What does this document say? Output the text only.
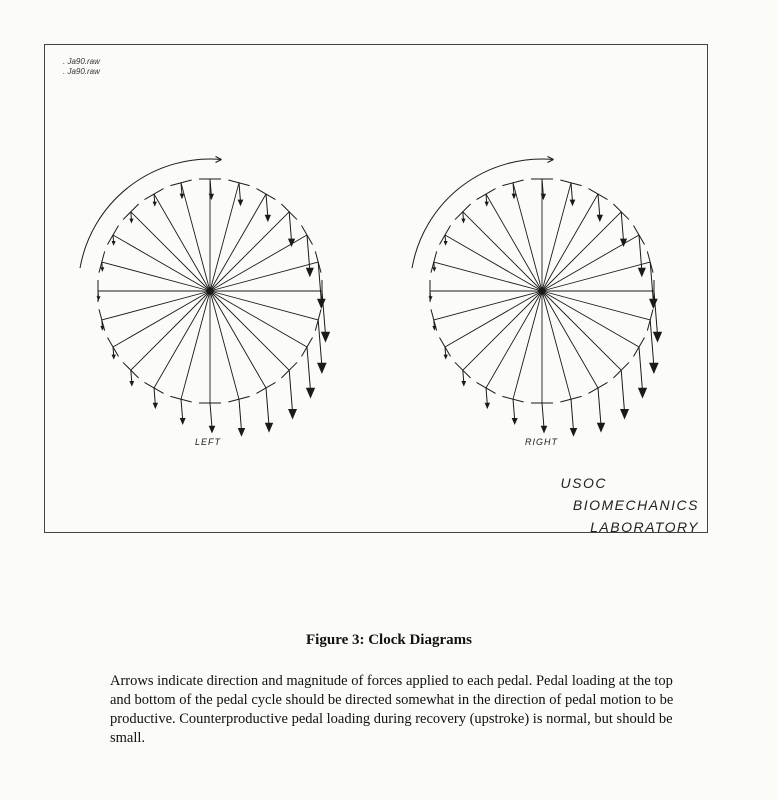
. Ja90.raw
. Ja90.raw
LEFT	RIGHT
USOC
BIOMECHANICS
LABORATORY
Figure 3: Clock Diagrams
Arrows indicate direction and magnitude of forces applied to each pedal. Pedal loading at the top and bottom of the pedal cycle should be directed somewhat in the direction of pedal motion to be productive. Counterproductive pedal loading during recovery (upstroke) is normal, but should be small.
